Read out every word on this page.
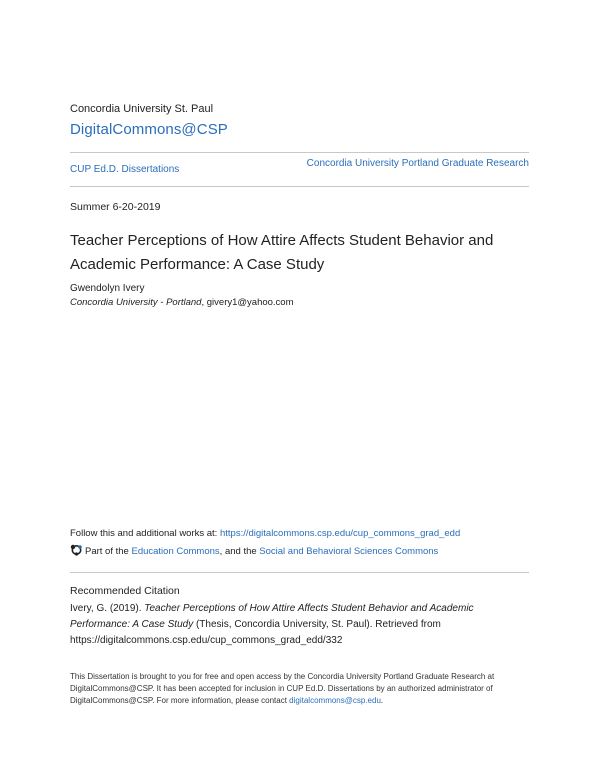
Concordia University St. Paul
DigitalCommons@CSP
CUP Ed.D. Dissertations
Concordia University Portland Graduate Research
Summer 6-20-2019
Teacher Perceptions of How Attire Affects Student Behavior and Academic Performance: A Case Study
Gwendolyn Ivery
Concordia University - Portland, givery1@yahoo.com
Follow this and additional works at: https://digitalcommons.csp.edu/cup_commons_grad_edd
Part of the Education Commons, and the Social and Behavioral Sciences Commons
Recommended Citation
Ivery, G. (2019). Teacher Perceptions of How Attire Affects Student Behavior and Academic Performance: A Case Study (Thesis, Concordia University, St. Paul). Retrieved from https://digitalcommons.csp.edu/cup_commons_grad_edd/332
This Dissertation is brought to you for free and open access by the Concordia University Portland Graduate Research at DigitalCommons@CSP. It has been accepted for inclusion in CUP Ed.D. Dissertations by an authorized administrator of DigitalCommons@CSP. For more information, please contact digitalcommons@csp.edu.
